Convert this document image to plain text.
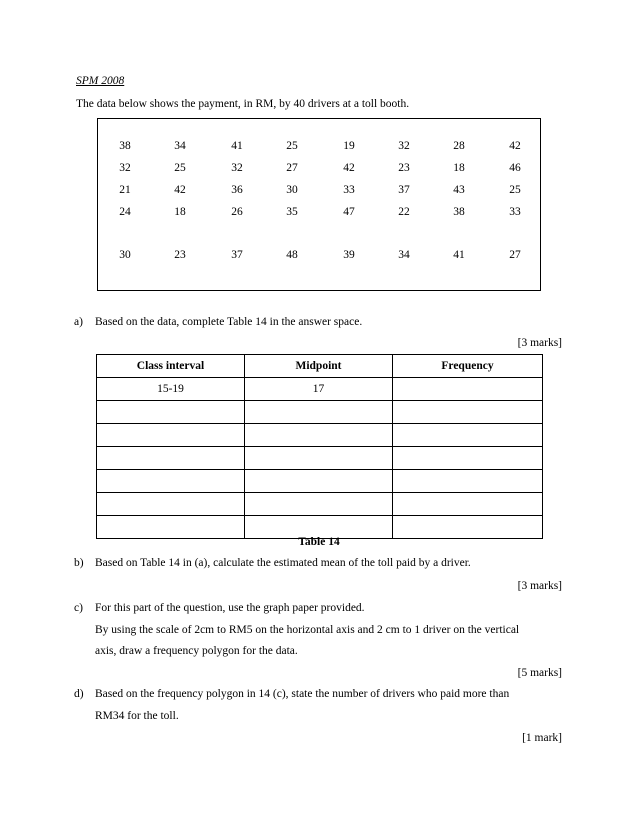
SPM 2008
The data below shows the payment, in RM, by 40 drivers at a toll booth.
38	34	41	25	19	32	28	42
32	25	32	27	42	23	18	46
21	42	36	30	33	37	43	25
24	18	26	35	47	22	38	33
30	23	37	48	39	34	41	27
a) Based on the data, complete Table 14 in the answer space.
[3 marks]
Class interval	Midpoint	Frequency
15-19	17	

Table 14
b) Based on Table 14 in (a), calculate the estimated mean of the toll paid by a driver.
[3 marks]
c) For this part of the question, use the graph paper provided.
By using the scale of 2cm to RM5 on the horizontal axis and 2 cm to 1 driver on the vertical
axis, draw a frequency polygon for the data.
[5 marks]
d) Based on the frequency polygon in 14 (c), state the number of drivers who paid more than
RM34 for the toll.
[1 mark]
